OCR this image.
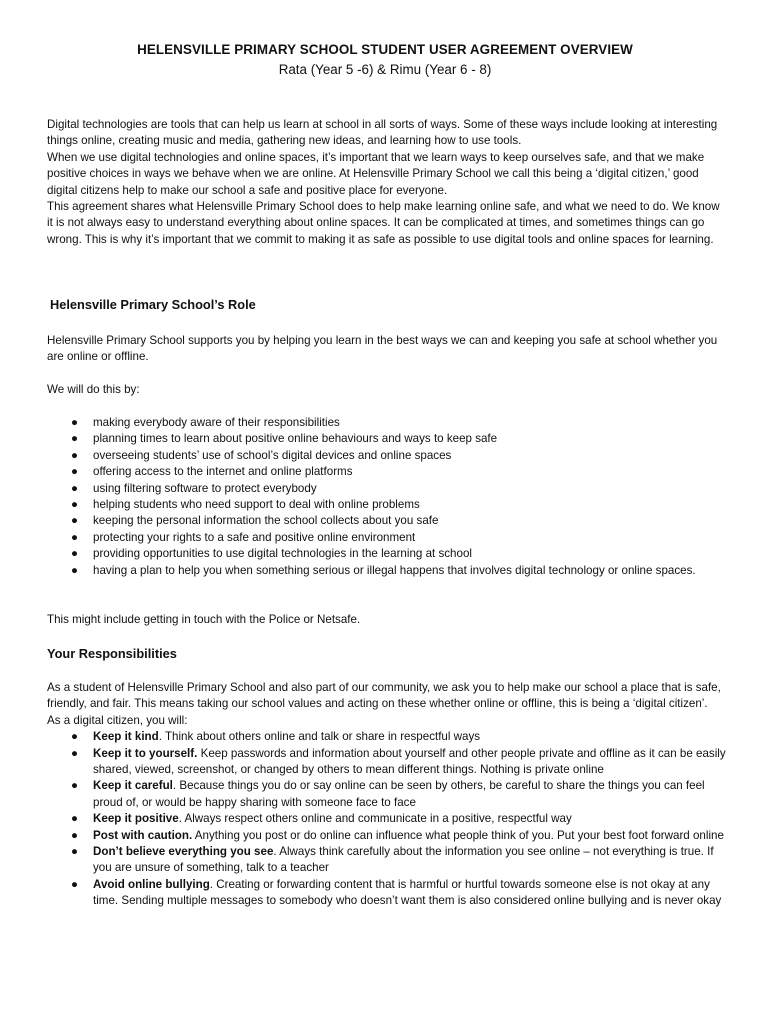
HELENSVILLE PRIMARY SCHOOL STUDENT USER AGREEMENT OVERVIEW
Rata (Year 5 -6) & Rimu (Year 6 - 8)

Digital technologies are tools that can help us learn at school in all sorts of ways. Some of these ways include looking at interesting things online, creating music and media, gathering new ideas, and learning how to use tools.

When we use digital technologies and online spaces, it’s important that we learn ways to keep ourselves safe, and that we make positive choices in ways we behave when we are online. At Helensville Primary School we call this being a ‘digital citizen,’ good digital citizens help to make our school a safe and positive place for everyone.

This agreement shares what Helensville Primary School does to help make learning online safe, and what we need to do. We know it is not always easy to understand everything about online spaces. It can be complicated at times, and sometimes things can go wrong. This is why it’s important that we commit to making it as safe as possible to use digital tools and online spaces for learning.

Helensville Primary School’s Role
Helensville Primary School supports you by helping you learn in the best ways we can and keeping you safe at school whether you are online or offline.
We will do this by:
● making everybody aware of their responsibilities
● planning times to learn about positive online behaviours and ways to keep safe
● overseeing students’ use of school’s digital devices and online spaces
● offering access to the internet and online platforms
● using filtering software to protect everybody
● helping students who need support to deal with online problems
● keeping the personal information the school collects about you safe
● protecting your rights to a safe and positive online environment
● providing opportunities to use digital technologies in the learning at school
● having a plan to help you when something serious or illegal happens that involves digital technology or online spaces.
This might include getting in touch with the Police or Netsafe.
Your Responsibilities

As a student of Helensville Primary School and also part of our community, we ask you to help make our school a place that is safe, friendly, and fair. This means taking our school values and acting on these whether online or offline, this is being a ‘digital citizen’.

As a digital citizen, you will:

● Keep it kind. Think about others online and talk or share in respectful ways
● Keep it to yourself. Keep passwords and information about yourself and other people private and offline as it can be easily shared, viewed, screenshot, or changed by others to mean different things. Nothing is private online
● Keep it careful. Because things you do or say online can be seen by others, be careful to share the things you can feel proud of, or would be happy sharing with someone face to face
● Keep it positive. Always respect others online and communicate in a positive, respectful way
● Post with caution. Anything you post or do online can influence what people think of you. Put your best foot forward online
● Don’t believe everything you see. Always think carefully about the information you see online – not everything is true. If you are unsure of something, talk to a teacher
● Avoid online bullying. Creating or forwarding content that is harmful or hurtful towards someone else is not okay at any time. Sending multiple messages to somebody who doesn’t want them is also considered online bullying and is never okay
